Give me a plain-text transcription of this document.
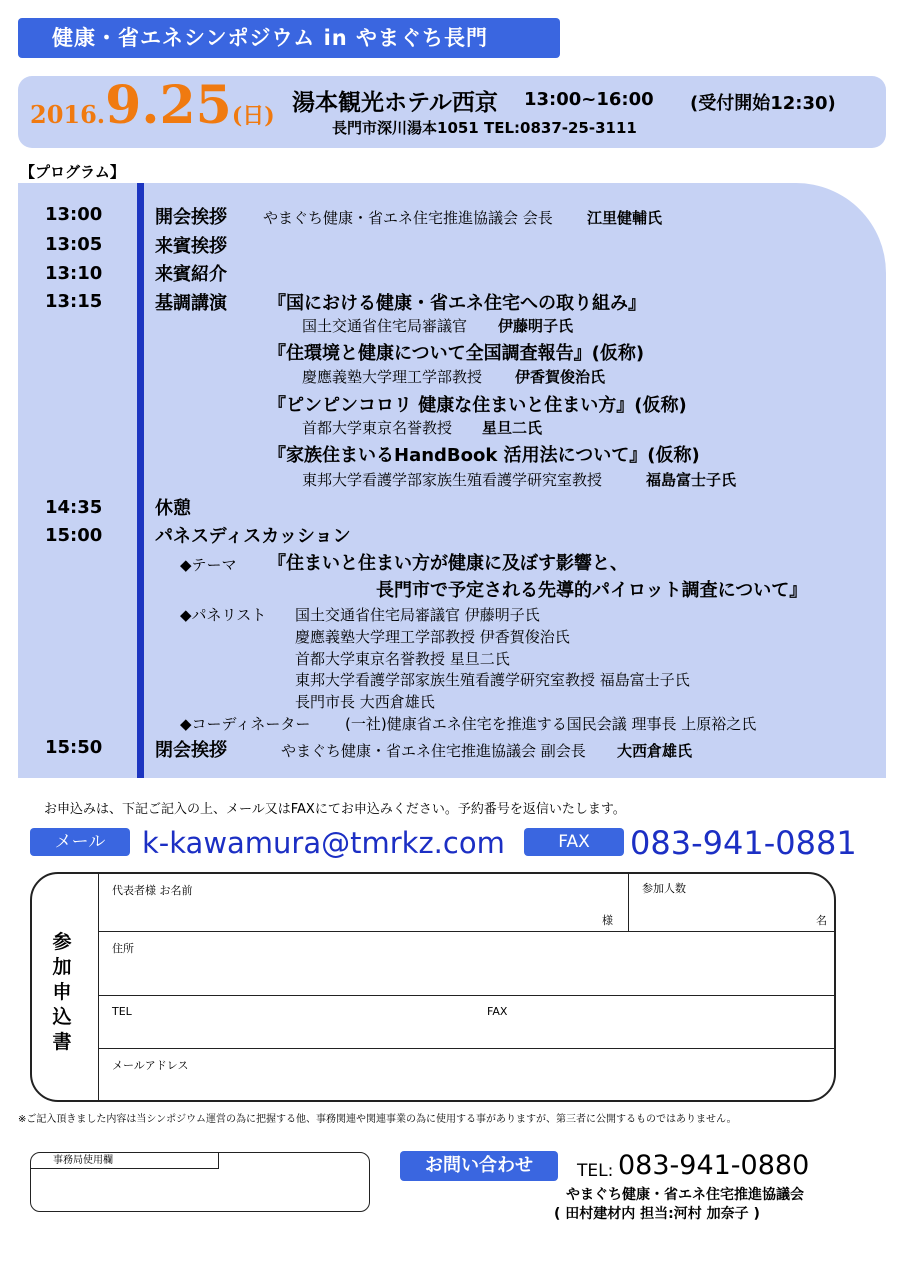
健康・省エネシンポジウム in やまぐち長門
2016.9.25(日) 湯本観光ホテル西京 13:00~16:00 (受付開始12:30)
長門市深川湯本1051 TEL:0837-25-3111
【プログラム】
13:00	開会挨拶 やまぐち健康・省エネ住宅推進協議会 会長 江里健輔氏
13:05	来賓挨拶
13:10	来賓紹介
13:15	基調講演 『国における健康・省エネ住宅への取り組み』
国土交通省住宅局審議官 伊藤明子氏
『住環境と健康について全国調査報告』(仮称)
慶應義塾大学理工学部教授 伊香賀俊治氏
『ピンピンコロリ 健康な住まいと住まい方』(仮称)
首都大学東京名誉教授 星旦二氏
『家族住まいるHandBook 活用法について』(仮称)
東邦大学看護学部家族生殖看護学研究室教授	福島富士子氏
14:35	休憩
15:00	パネスディスカッション
◆テーマ 『住まいと住まい方が健康に及ぼす影響と、
長門市で予定される先導的パイロット調査について』
◆パネリスト 国土交通省住宅局審議官 伊藤明子氏
慶應義塾大学理工学部教授 伊香賀俊治氏
首都大学東京名誉教授 星旦二氏
東邦大学看護学部家族生殖看護学研究室教授 福島富士子氏
長門市長 大西倉雄氏
◆コーディネーター (一社)健康省エネ住宅を推進する国民会議 理事長 上原裕之氏
15:50	閉会挨拶	やまぐち健康・省エネ住宅推進協議会 副会長 大西倉雄氏
お申込みは、下記ご記入の上、メール又はFAXにてお申込みください。予約番号を返信いたします。
メール	k-kawamura@tmrkz.com	FAX	083-941-0881
代表者様 お名前
様
参加人数
名
住所
TEL	FAX
メールアドレス
参
加
申
込
書
※ご記入頂きました内容は当シンポジウム運営の為に把握する他、事務関連や関連事業の為に使用する事がありますが、第三者に公開するものではありません。
事務局使用欄	お問い合わせ	TEL: 083-941-0880
やまぐち健康・省エネ住宅推進協議会
( 田村建材内 担当:河村 加奈子 )
